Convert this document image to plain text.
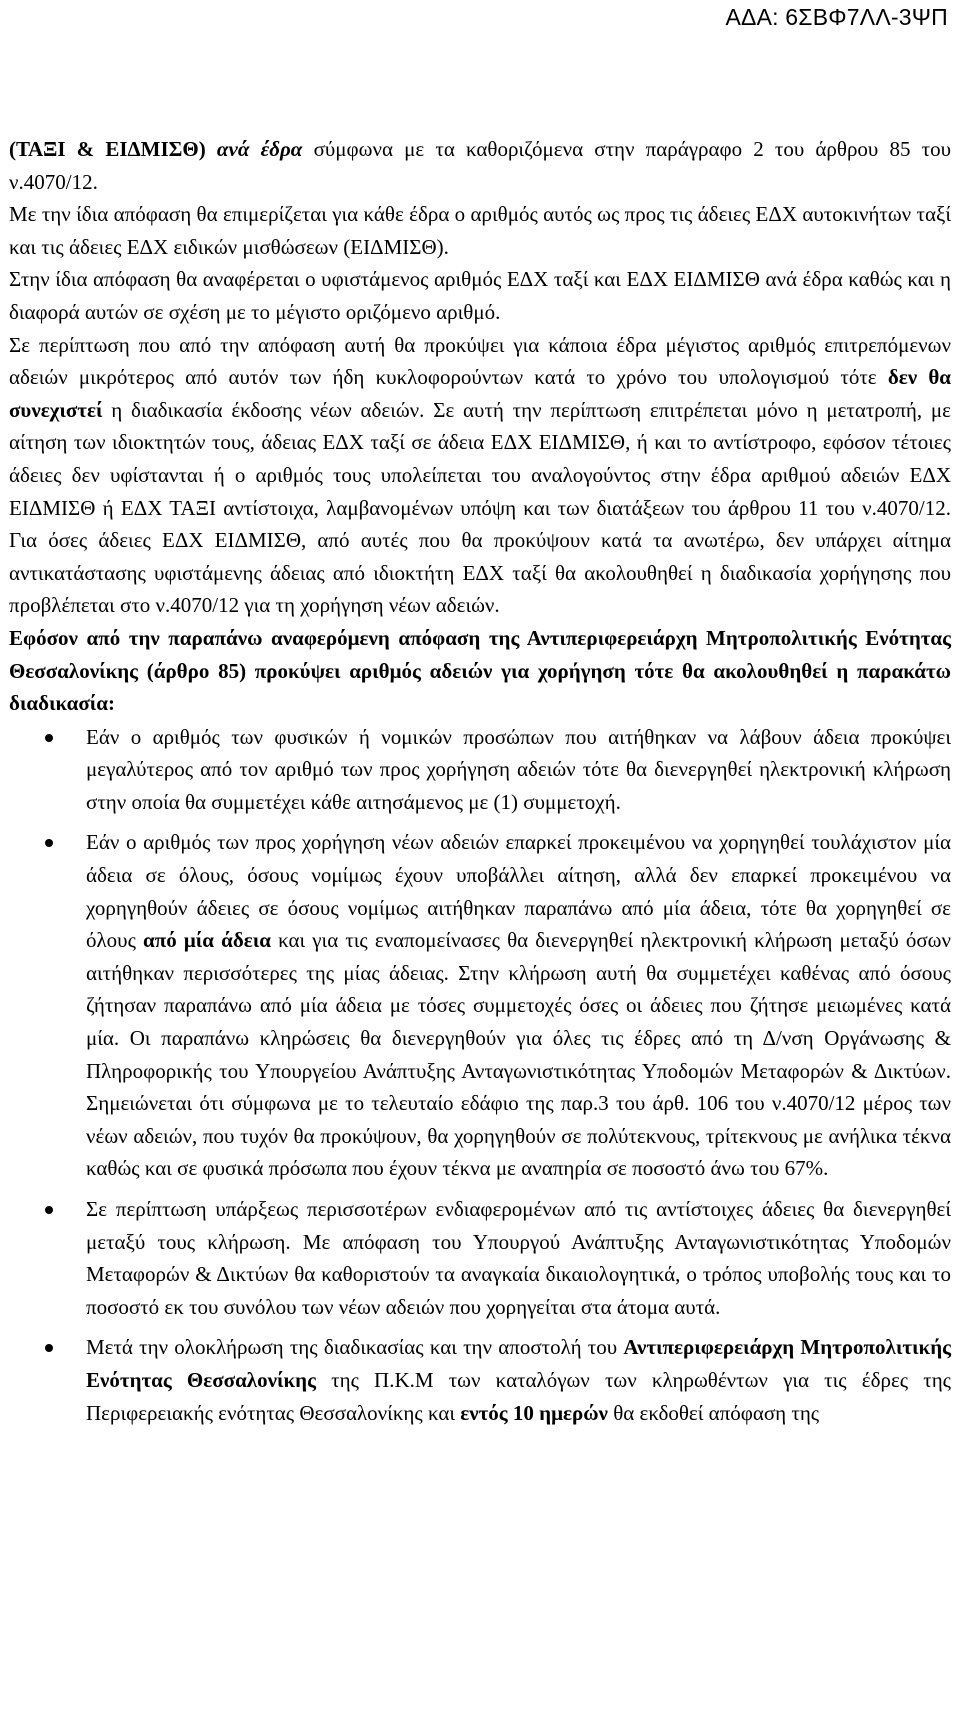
ΑΔΑ: 6ΣΒΦ7ΛΛ-3ΨΠ

(ΤΑΞΙ & ΕΙΔΜΙΣΘ) ανά έδρα σύμφωνα με τα καθοριζόμενα στην παράγραφο 2 του άρθρου 85 του ν.4070/12.

Με την ίδια απόφαση θα επιμερίζεται για κάθε έδρα ο αριθμός αυτός ως προς τις άδειες ΕΔΧ αυτοκινήτων ταξί και τις άδειες ΕΔΧ ειδικών μισθώσεων (ΕΙΔΜΙΣΘ).

Στην ίδια απόφαση θα αναφέρεται ο υφιστάμενος αριθμός ΕΔΧ ταξί και ΕΔΧ ΕΙΔΜΙΣΘ ανά έδρα καθώς και η διαφορά αυτών σε σχέση με το μέγιστο οριζόμενο αριθμό.

Σε περίπτωση που από την απόφαση αυτή θα προκύψει για κάποια έδρα μέγιστος αριθμός επιτρεπόμενων αδειών μικρότερος από αυτόν των ήδη κυκλοφορούντων κατά το χρόνο του υπολογισμού τότε δεν θα συνεχιστεί η διαδικασία έκδοσης νέων αδειών. Σε αυτή την περίπτωση επιτρέπεται μόνο η μετατροπή, με αίτηση των ιδιοκτητών τους, άδειας ΕΔΧ ταξί σε άδεια ΕΔΧ ΕΙΔΜΙΣΘ, ή και το αντίστροφο, εφόσον τέτοιες άδειες δεν υφίστανται ή ο αριθμός τους υπολείπεται του αναλογούντος στην έδρα αριθμού αδειών ΕΔΧ ΕΙΔΜΙΣΘ ή ΕΔΧ ΤΑΞΙ αντίστοιχα, λαμβανομένων υπόψη και των διατάξεων του άρθρου 11 του ν.4070/12. Για όσες άδειες ΕΔΧ ΕΙΔΜΙΣΘ, από αυτές που θα προκύψουν κατά τα ανωτέρω, δεν υπάρχει αίτημα αντικατάστασης υφιστάμενης άδειας από ιδιοκτήτη ΕΔΧ ταξί θα ακολουθηθεί η διαδικασία χορήγησης που προβλέπεται στο ν.4070/12 για τη χορήγηση νέων αδειών.

Εφόσον από την παραπάνω αναφερόμενη απόφαση της Αντιπεριφερειάρχη Μητροπολιτικής Ενότητας Θεσσαλονίκης (άρθρο 85) προκύψει αριθμός αδειών για χορήγηση τότε θα ακολουθηθεί η παρακάτω διαδικασία:

Εάν ο αριθμός των φυσικών ή νομικών προσώπων που αιτήθηκαν να λάβουν άδεια προκύψει μεγαλύτερος από τον αριθμό των προς χορήγηση αδειών τότε θα διενεργηθεί ηλεκτρονική κλήρωση στην οποία θα συμμετέχει κάθε αιτησάμενος με (1) συμμετοχή.
Εάν ο αριθμός των προς χορήγηση νέων αδειών επαρκεί προκειμένου να χορηγηθεί τουλάχιστον μία άδεια σε όλους, όσους νομίμως έχουν υποβάλλει αίτηση, αλλά δεν επαρκεί προκειμένου να χορηγηθούν άδειες σε όσους νομίμως αιτήθηκαν παραπάνω από μία άδεια, τότε θα χορηγηθεί σε όλους από μία άδεια και για τις εναπομείνασες θα διενεργηθεί ηλεκτρονική κλήρωση μεταξύ όσων αιτήθηκαν περισσότερες της μίας άδειας. Στην κλήρωση αυτή θα συμμετέχει καθένας από όσους ζήτησαν παραπάνω από μία άδεια με τόσες συμμετοχές όσες οι άδειες που ζήτησε μειωμένες κατά μία. Οι παραπάνω κληρώσεις θα διενεργηθούν για όλες τις έδρες από τη Δ/νση Οργάνωσης & Πληροφορικής του Υπουργείου Ανάπτυξης Ανταγωνιστικότητας Υποδομών Μεταφορών & Δικτύων. Σημειώνεται ότι σύμφωνα με το τελευταίο εδάφιο της παρ.3 του άρθ. 106 του ν.4070/12 μέρος των νέων αδειών, που τυχόν θα προκύψουν, θα χορηγηθούν σε πολύτεκνους, τρίτεκνους με ανήλικα τέκνα καθώς και σε φυσικά πρόσωπα που έχουν τέκνα με αναπηρία σε ποσοστό άνω του 67%.
Σε περίπτωση υπάρξεως περισσοτέρων ενδιαφερομένων από τις αντίστοιχες άδειες θα διενεργηθεί μεταξύ τους κλήρωση. Με απόφαση του Υπουργού Ανάπτυξης Ανταγωνιστικότητας Υποδομών Μεταφορών & Δικτύων θα καθοριστούν τα αναγκαία δικαιολογητικά, ο τρόπος υποβολής τους και το ποσοστό εκ του συνόλου των νέων αδειών που χορηγείται στα άτομα αυτά.
Μετά την ολοκλήρωση της διαδικασίας και την αποστολή του Αντιπεριφερειάρχη Μητροπολιτικής Ενότητας Θεσσαλονίκης της Π.Κ.Μ των καταλόγων των κληρωθέντων για τις έδρες της Περιφερειακής ενότητας Θεσσαλονίκης και εντός 10 ημερών θα εκδοθεί απόφαση της
